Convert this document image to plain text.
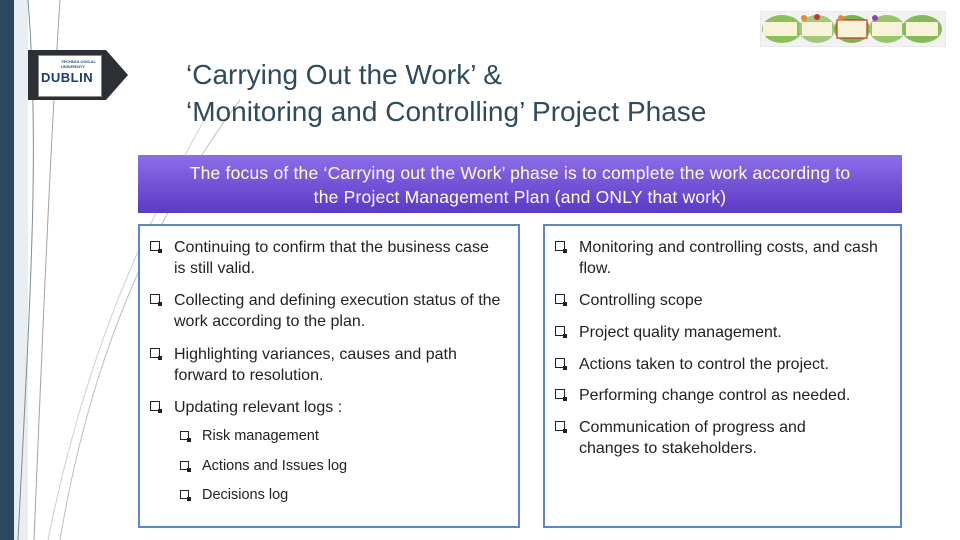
TECHNOLOGICAL UNIVERSITY
DUBLIN	‘Carrying Out the Work’ &
‘Monitoring and Controlling’ Project Phase
The focus of the ‘Carrying out the Work’ phase is to complete the work according to
the Project Management Plan (and ONLY that work)
Continuing to confirm that the business case is still valid.
Collecting and defining execution status of the work according to the plan.
Highlighting variances, causes and path forward to resolution.
Updating relevant logs :
Risk management
Actions and Issues log
Decisions log
Monitoring and controlling costs, and cash flow.
Controlling scope
Project quality management.
Actions taken to control the project.
Performing change control as needed.
Communication of progress and changes to stakeholders.
